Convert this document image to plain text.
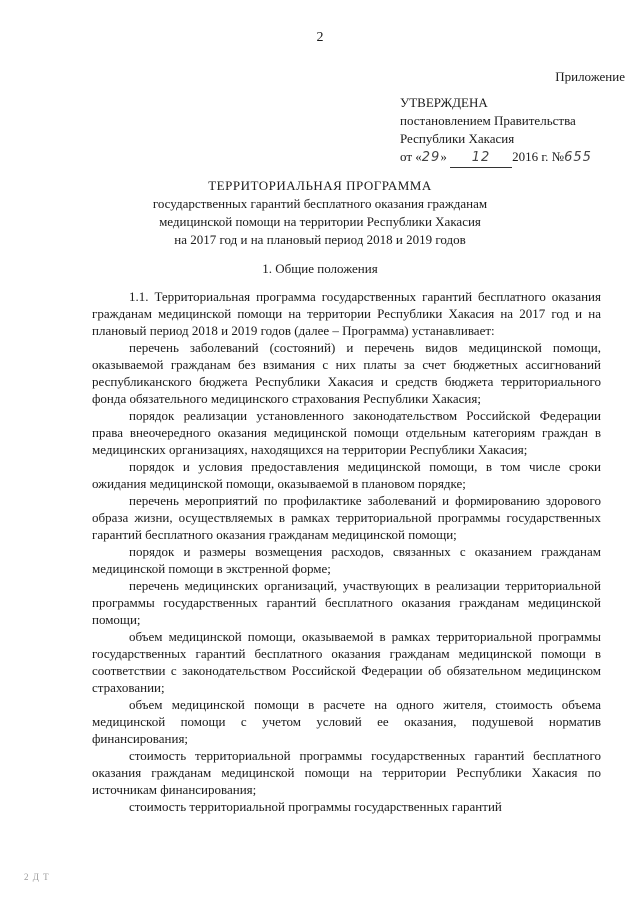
2
Приложение
УТВЕРЖДЕНА
постановлением Правительства
Республики Хакасия
от «29» 12 2016 г. №655
ТЕРРИТОРИАЛЬНАЯ ПРОГРАММА
государственных гарантий бесплатного оказания гражданам
медицинской помощи на территории Республики Хакасия
на 2017 год и на плановый период 2018 и 2019 годов
1. Общие положения

1.1. Территориальная программа государственных гарантий бесплатного оказания гражданам медицинской помощи на территории Республики Хакасия на 2017 год и на плановый период 2018 и 2019 годов (далее – Программа) устанавливает:

перечень заболеваний (состояний) и перечень видов медицинской помощи, оказываемой гражданам без взимания с них платы за счет бюджетных ассигнований республиканского бюджета Республики Хакасия и средств бюджета территориального фонда обязательного медицинского страхования Республики Хакасия;

порядок реализации установленного законодательством Российской Федерации права внеочередного оказания медицинской помощи отдельным категориям граждан в медицинских организациях, находящихся на территории Республики Хакасия;

порядок и условия предоставления медицинской помощи, в том числе сроки ожидания медицинской помощи, оказываемой в плановом порядке;

перечень мероприятий по профилактике заболеваний и формированию здорового образа жизни, осуществляемых в рамках территориальной программы государственных гарантий бесплатного оказания гражданам медицинской помощи;

порядок и размеры возмещения расходов, связанных с оказанием гражданам медицинской помощи в экстренной форме;

перечень медицинских организаций, участвующих в реализации территориальной программы государственных гарантий бесплатного оказания гражданам медицинской помощи;

объем медицинской помощи, оказываемой в рамках территориальной программы государственных гарантий бесплатного оказания гражданам медицинской помощи в соответствии с законодательством Российской Федерации об обязательном медицинском страховании;

объем медицинской помощи в расчете на одного жителя, стоимость объема медицинской помощи с учетом условий ее оказания, подушевой норматив финансирования;

стоимость территориальной программы государственных гарантий бесплатного оказания гражданам медицинской помощи на территории Республики Хакасия по источникам финансирования;

стоимость территориальной программы государственных гарантий

2 Д Т
